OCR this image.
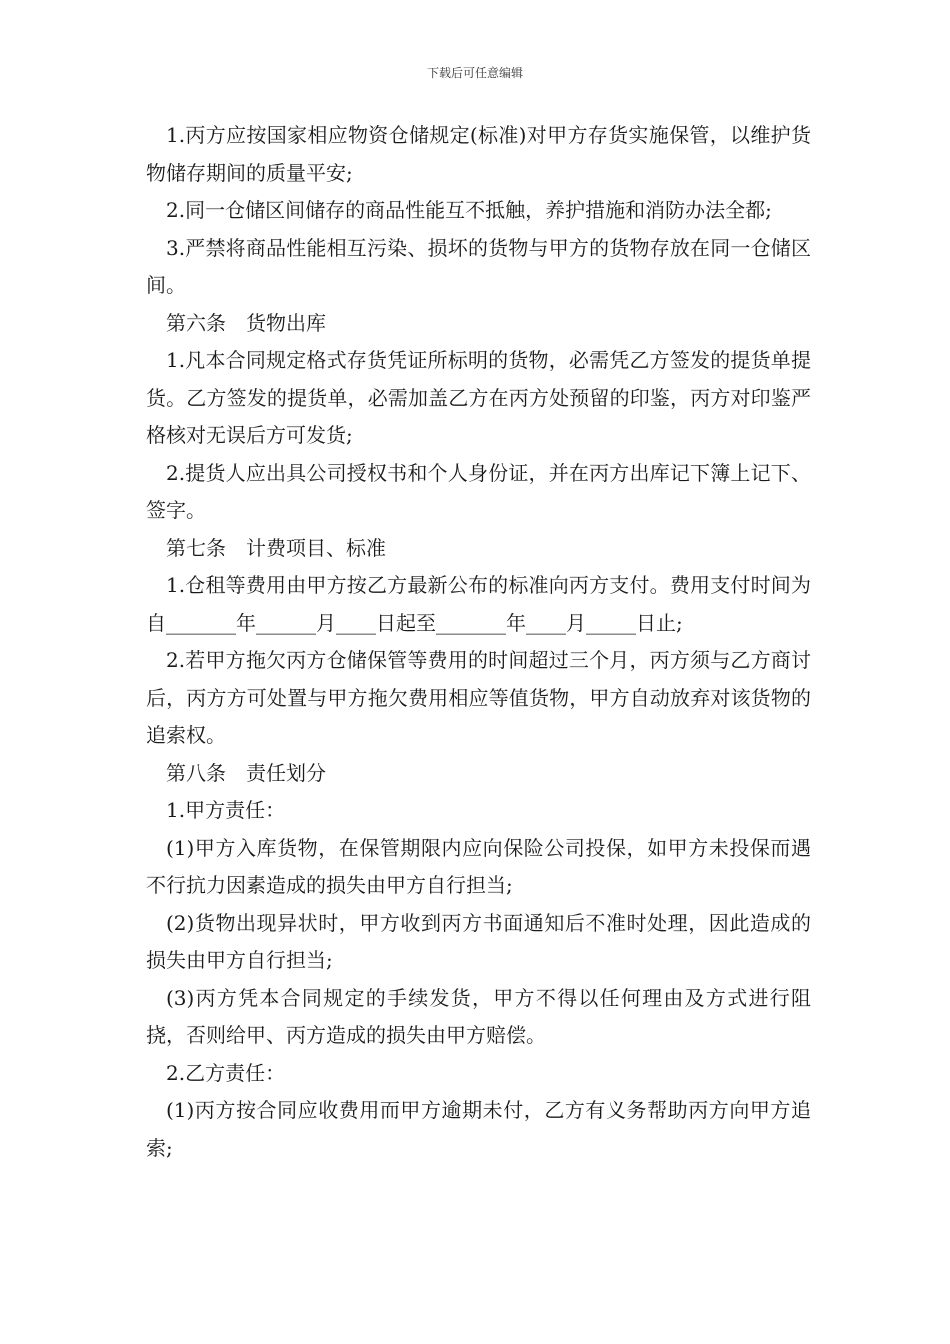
下载后可任意编辑

1.丙方应按国家相应物资仓储规定(标准)对甲方存货实施保管，以维护货物储存期间的质量平安;

2.同一仓储区间储存的商品性能互不抵触，养护措施和消防办法全都;

3.严禁将商品性能相互污染、损坏的货物与甲方的货物存放在同一仓储区间。

第六条　货物出库

1.凡本合同规定格式存货凭证所标明的货物，必需凭乙方签发的提货单提货。乙方签发的提货单，必需加盖乙方在丙方处预留的印鉴，丙方对印鉴严格核对无误后方可发货;

2.提货人应出具公司授权书和个人身份证，并在丙方出库记下簿上记下、签字。

第七条　计费项目、标准

1.仓租等费用由甲方按乙方最新公布的标准向丙方支付。费用支付时间为自_______年______月____日起至_______年____月_____日止;

2.若甲方拖欠丙方仓储保管等费用的时间超过三个月，丙方须与乙方商讨后，丙方方可处置与甲方拖欠费用相应等值货物，甲方自动放弃对该货物的追索权。

第八条　责任划分

1.甲方责任：

(1)甲方入库货物，在保管期限内应向保险公司投保，如甲方未投保而遇不行抗力因素造成的损失由甲方自行担当;

(2)货物出现异状时，甲方收到丙方书面通知后不准时处理，因此造成的损失由甲方自行担当;

(3)丙方凭本合同规定的手续发货，甲方不得以任何理由及方式进行阻挠，否则给甲、丙方造成的损失由甲方赔偿。

2.乙方责任：

(1)丙方按合同应收费用而甲方逾期未付，乙方有义务帮助丙方向甲方追索;
